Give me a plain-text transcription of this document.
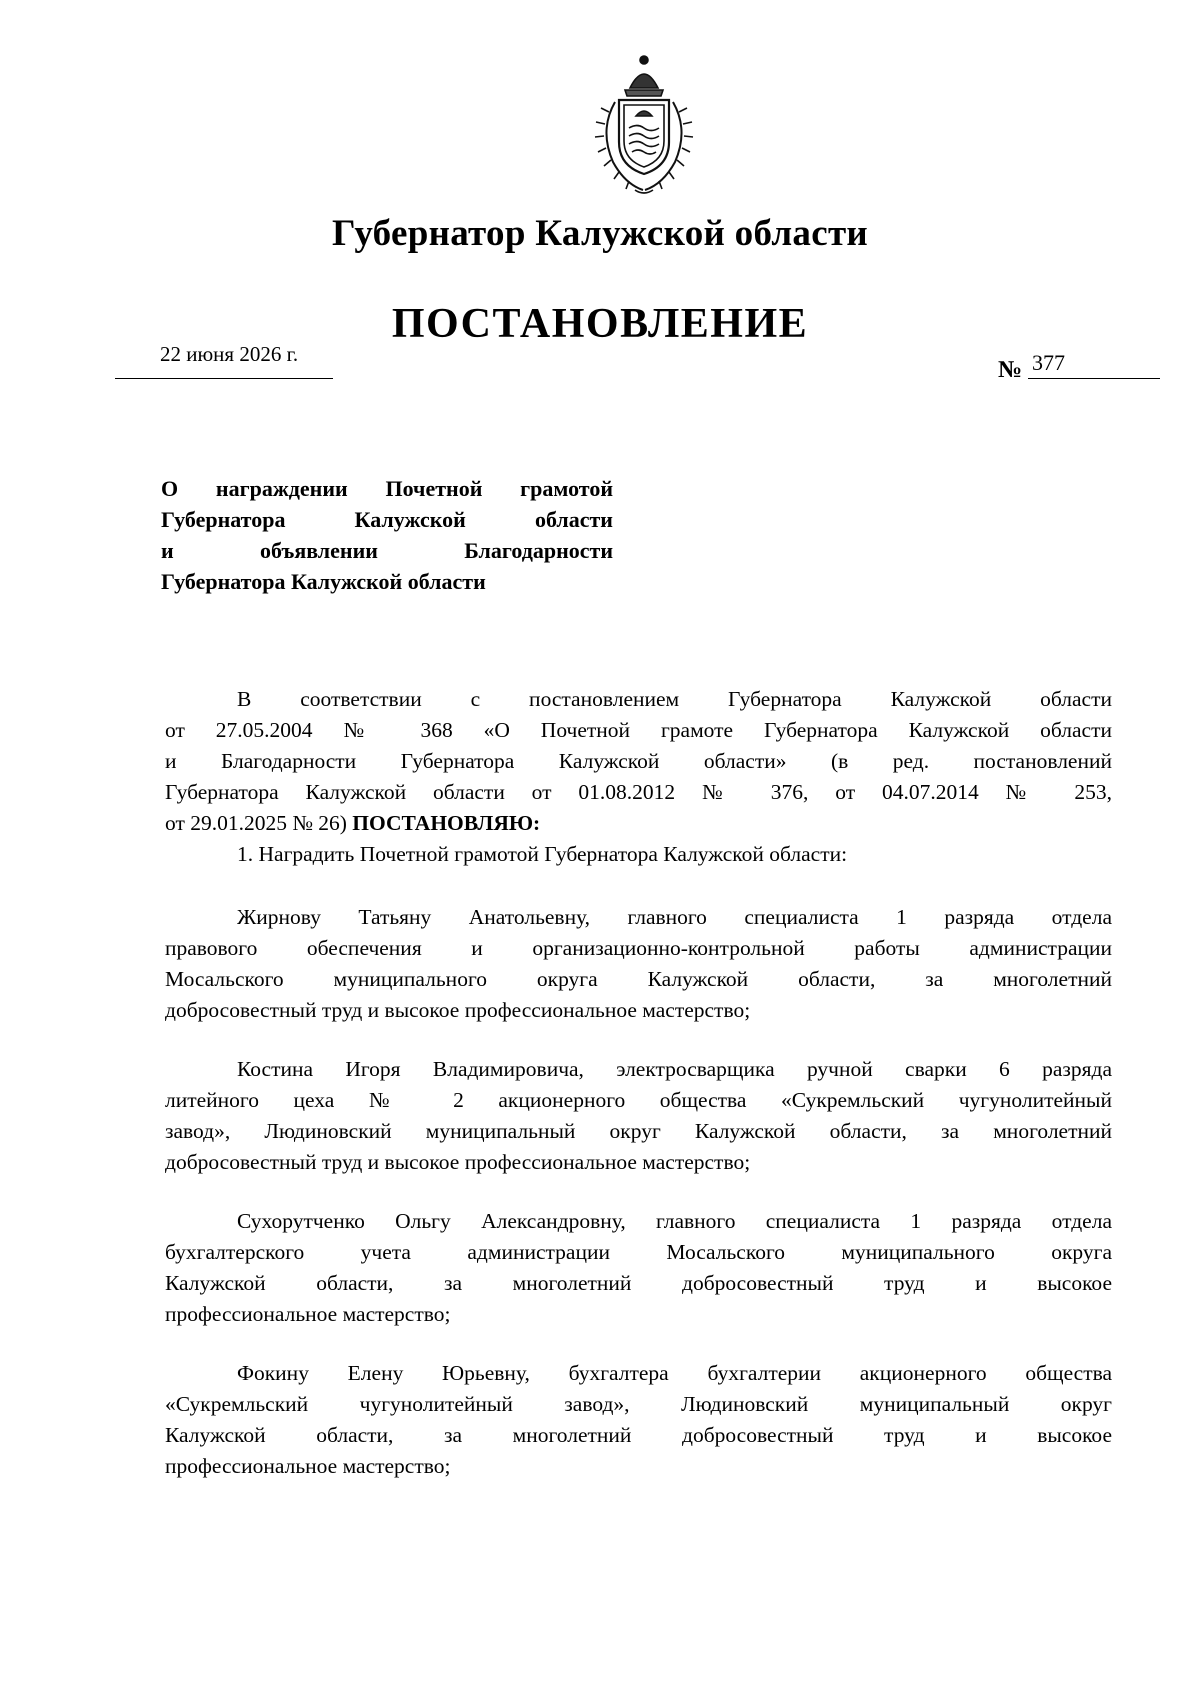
Губернатор Калужской области
ПОСТАНОВЛЕНИЕ
22 июня 2026 г.
№ 377
О награждении Почетной грамотой
Губернатора Калужской области
и объявлении Благодарности
Губернатора Калужской области
В соответствии с постановлением Губернатора Калужской области
от 27.05.2004 № 368 «О Почетной грамоте Губернатора Калужской области
и Благодарности Губернатора Калужской области» (в ред. постановлений
Губернатора Калужской области от 01.08.2012 № 376, от 04.07.2014 № 253,
от 29.01.2025 № 26) ПОСТАНОВЛЯЮ:
1. Наградить Почетной грамотой Губернатора Калужской области:
Жирнову Татьяну Анатольевну, главного специалиста 1 разряда отдела
правового обеспечения и организационно-контрольной работы администрации
Мосальского муниципального округа Калужской области, за многолетний
добросовестный труд и высокое профессиональное мастерство;
Костина Игоря Владимировича, электросварщика ручной сварки 6 разряда
литейного цеха № 2 акционерного общества «Сукремльский чугунолитейный
завод», Людиновский муниципальный округ Калужской области, за многолетний
добросовестный труд и высокое профессиональное мастерство;
Сухорутченко Ольгу Александровну, главного специалиста 1 разряда отдела
бухгалтерского учета администрации Мосальского муниципального округа
Калужской области, за многолетний добросовестный труд и высокое
профессиональное мастерство;
Фокину Елену Юрьевну, бухгалтера бухгалтерии акционерного общества
«Сукремльский чугунолитейный завод», Людиновский муниципальный округ
Калужской области, за многолетний добросовестный труд и высокое
профессиональное мастерство;
